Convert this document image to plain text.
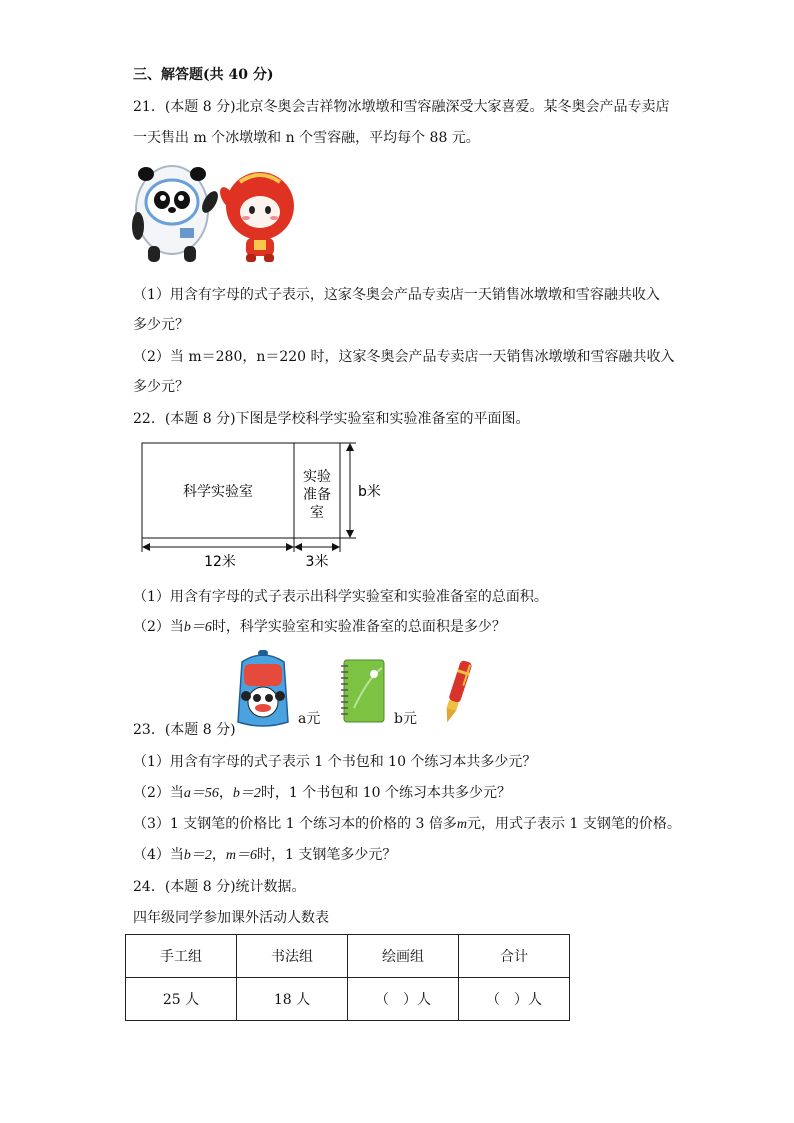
三、解答题(共 40 分)
21．(本题 8 分)北京冬奥会吉祥物冰墩墩和雪容融深受大家喜爱。某冬奥会产品专卖店
一天售出 m 个冰墩墩和 n 个雪容融，平均每个 88 元。
（1）用含有字母的式子表示，这家冬奥会产品专卖店一天销售冰墩墩和雪容融共收入
多少元？
（2）当 m＝280，n＝220 时，这家冬奥会产品专卖店一天销售冰墩墩和雪容融共收入
多少元？
22．(本题 8 分)下图是学校科学实验室和实验准备室的平面图。
科学实验室
实验
准备
室
b米
12米	3米
（1）用含有字母的式子表示出科学实验室和实验准备室的总面积。
（2）当b＝6时，科学实验室和实验准备室的总面积是多少？
a元	b元
23．(本题 8 分)
（1）用含有字母的式子表示 1 个书包和 10 个练习本共多少元？
（2）当a＝56，b＝2时，1 个书包和 10 个练习本共多少元？
（3）1 支钢笔的价格比 1 个练习本的价格的 3 倍多m元，用式子表示 1 支钢笔的价格。
（4）当b＝2，m＝6时，1 支钢笔多少元？
24．(本题 8 分)统计数据。
四年级同学参加课外活动人数表
手工组	书法组	绘画组	合计
25 人	18 人	（　）人	（　）人
